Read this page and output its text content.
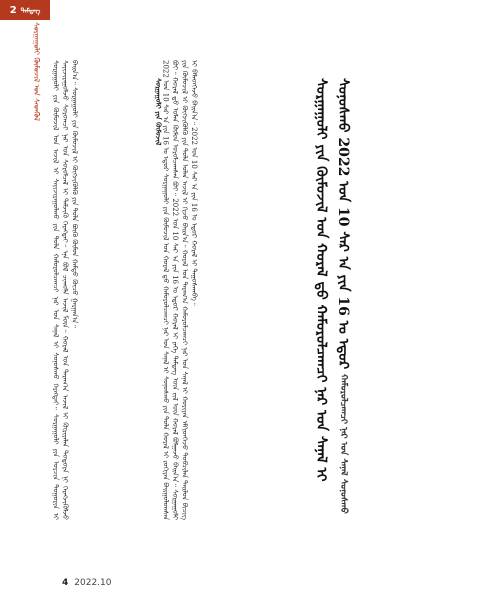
2 ᠲᠡᠮᠳᠡᠭ
ᠰᠤᠷᠭᠠᠭᠤᠯᠢ ᠬᠦᠮᠦᠵᠢᠯ ᠤᠨ ᠰᠡᠳᠬᠦᠯ ᠰᠤᠷᠭᠠᠭᠤᠯᠢ ᠶᠢᠨ ᠬᠦᠮᠦᠵᠢᠯ ᠤᠨ ᠠᠵᠢᠯ ᠢ ᠰᠠᠶᠢᠵᠢᠷᠠᠭᠤᠯᠬᠤ ᠶᠢᠨ ᠲᠤᠯᠠ ᠬᠠᠮᠤᠷᠤᠯᠴᠠᠭᠴᠢ ᠨᠠᠷ ᠤᠨ ᠰᠠᠨᠠᠯ ᠢ ᠰᠤᠨᠤᠰᠬᠤ ᠬᠡᠷᠡᠭᠲᠡᠢ᠃ ᠰᠤᠷᠭᠠᠭᠤᠯᠢ ᠶᠢᠨ ᠣᠷᠴᠢᠨ ᠲᠣᠭᠣᠷᠢᠨ ᠢ ᠰᠠᠶᠢᠵᠢᠷᠠᠭᠤᠯᠵᠤ ᠰᠤᠷᠤᠭᠴᠢ ᠨᠠᠷ ᠤᠨ ᠰᠤᠷᠤᠯᠴᠠᠯ ᠢ ᠳᠡᠮᠵᠢᠬᠦ ᠬᠡᠷᠡᠭᠲᠡᠢ᠃ ᠡᠨᠡ ᠪᠣᠯ ᠴᠢᠬᠤᠯᠠ ᠠᠵᠢᠯ ᠮᠥᠨ᠃ ᠬᠤᠷᠠᠯ ᠤᠨ ᠳᠠᠷᠠᠭ᠎ᠠ ᠠᠵᠢᠯ ᠢ ᠬᠦᠷᠢᠶᠡᠯᠡᠨ ᠳᠣᠲᠣᠷᠠ ᠨᠢ ᠬᠡᠷᠡᠭᠵᠢᠭᠦᠯᠵᠦ ᠪᠠᠢᠨ᠎ᠠ᠃ ᠰᠤᠷᠭᠠᠭᠤᠯᠢ ᠶᠢᠨ ᠬᠦᠮᠦᠵᠢᠯ ᠢ ᠬᠥᠭᠵᠢᠭᠦᠯᠬᠦ ᠶᠢᠨ ᠲᠤᠯᠠ ᠪᠦᠬᠦ ᠬᠦᠮᠦᠨ ᠬᠠᠮᠲᠤ ᠬᠦᠴᠦ ᠭᠠᠷᠭᠠᠨ᠎ᠠ᠃	ᠰᠤᠷᠭᠠᠭᠤᠯᠢ ᠶᠢᠨ ᠬᠦᠮᠦᠵᠢᠯ
2022 ᠤᠨ 10 ᠰᠠᠷ ᠠ ᠶᠢᠨ 16 ᠤ ᠡᠳᠦᠷ ᠰᠤᠷᠭᠠᠭᠤᠯᠢ ᠶᠢᠨ ᠬᠦᠮᠦᠵᠢᠯ ᠤᠨ ᠬᠤᠷᠠᠯ ᠳ᠋ᠤ ᠬᠠᠮᠤᠷᠤᠯᠴᠠᠭᠴᠢ ᠨᠠᠷ ᠤᠨ ᠰᠠᠨᠠᠯ ᠢ ᠰᠤᠨᠤᠰᠬᠤ ᠶᠢᠨ ᠲᠤᠯᠠ ᠬᠤᠷᠠᠯ ᠢ ᠵᠤᠬᠢᠶᠠᠨ ᠪᠠᠢᠭᠤᠯᠤᠭᠰᠠᠨ ᠪᠤᠢ᠃ ᠬᠤᠷᠠᠯ ᠳ᠋ᠤ ᠣᠯᠠᠨ ᠬᠦᠮᠦᠨ ᠣᠷᠣᠯᠴᠠᠭᠰᠠᠨ ᠪᠤᠢ᠃ 2022 ᠤᠨ 10 ᠰᠠᠷ ᠠ ᠶᠢᠨ 16 ᠤ ᠡᠳᠦᠷ ᠬᠤᠷᠠᠯ ᠢ ᠶᠡᠬᠡ ᠲᠡᠮᠳᠡᠭ ᠦᠨ ᠵᠢᠯ ᠦᠨ ᠬᠤᠷᠠᠯ ᠪᠤᠯᠭᠠᠵᠤ ᠪᠠᠢᠨ᠎ᠠ᠃ ᠰᠤᠷᠭᠠᠭᠤᠯᠢ ᠶᠢᠨ ᠬᠦᠮᠦᠵᠢᠯ ᠢ ᠬᠥᠭᠵᠢᠭᠦᠯᠬᠦ ᠶᠢᠨ ᠲᠤᠯᠠ ᠣᠯᠠᠨ ᠠᠵᠢᠯ ᠢ ᠬᠢᠵᠦ ᠪᠠᠢᠨ᠎ᠠ᠃ ᠬᠤᠷᠠᠯ ᠤᠨ ᠳᠠᠷᠠᠭ᠎ᠠ ᠬᠠᠮᠤᠷᠤᠯᠴᠠᠭᠴᠢ ᠨᠠᠷ ᠤᠨ ᠰᠠᠨᠠᠯ ᠢ ᠬᠤᠷᠢᠶᠠᠨ ᠡᠮᠬᠢᠳᠭᠡᠵᠦ ᠲᠣᠪᠴᠢᠯᠠᠨ ᠲᠠᠢᠯᠤᠨ ᠪᠢᠴᠢᠭ ᠢ ᠪᠡᠯᠡᠳᠭᠡᠵᠦ ᠪᠠᠢᠨ᠎ᠠ᠃ 2022 ᠤᠨ 10 ᠰᠠᠷ ᠠ ᠶᠢᠨ 16 ᠤ ᠡᠳᠦᠷ ᠬᠤᠷᠠᠯ ᠢ ᠳᠠᠭᠤᠰᠬᠠᠪᠠ᠃	ᠰᠤᠷᠭᠠᠭᠤᠯᠢ ᠶᠢᠨ ᠬᠦᠮᠦᠵᠢᠯ ᠤᠨ ᠬᠤᠷᠠᠯ ᠳ᠋ᠤ ᠬᠠᠮᠤᠷᠤᠯᠴᠠᠭᠴᠢ ᠨᠠᠷ ᠤᠨ ᠰᠠᠨᠠᠯ ᠢ ᠰᠤᠨᠤᠰᠬᠤ 2022 ᠤᠨ 10 ᠰᠠᠷ ᠠ ᠶᠢᠨ 16 ᠤ ᠡᠳᠦᠷ ᠬᠠᠮᠤᠷᠤᠯᠴᠠᠭᠴᠢ ᠨᠠᠷ ᠤᠨ ᠰᠠᠨᠠᠯ ᠰᠤᠨᠤᠰᠬᠤ
4 2022.10
